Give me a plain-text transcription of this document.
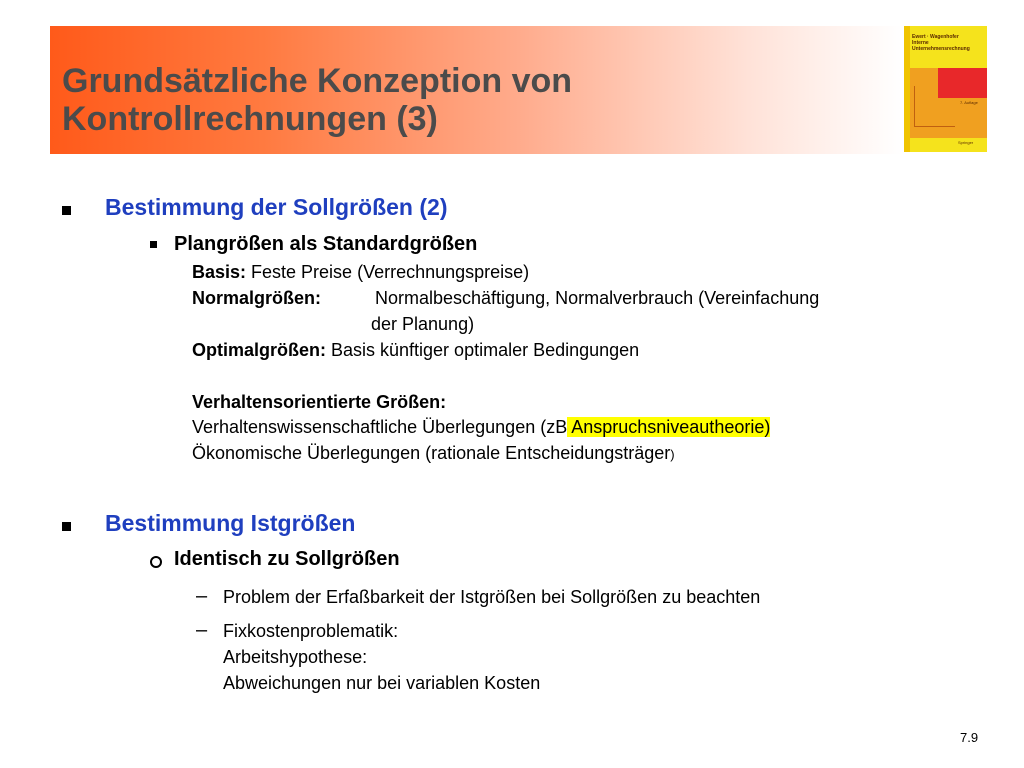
Grundsätzliche Konzeption von
Kontrollrechnungen (3)
Ewert · Wagenhofer
Interne
Unternehmensrechnung
7. Auflage
Springer
Bestimmung der Sollgrößen (2)
Plangrößen als Standardgrößen
Basis: Feste Preise (Verrechnungspreise)
Normalgrößen:	Normalbeschäftigung, Normalverbrauch (Vereinfachung
der Planung)
Optimalgrößen: Basis künftiger optimaler Bedingungen
Verhaltensorientierte Größen:
Verhaltenswissenschaftliche Überlegungen (zB Anspruchsniveautheorie)
Ökonomische Überlegungen (rationale Entscheidungsträger)
Bestimmung Istgrößen
Identisch zu Sollgrößen
– Problem der Erfaßbarkeit der Istgrößen bei Sollgrößen zu beachten
– Fixkostenproblematik:
Arbeitshypothese:
Abweichungen nur bei variablen Kosten
7.9
